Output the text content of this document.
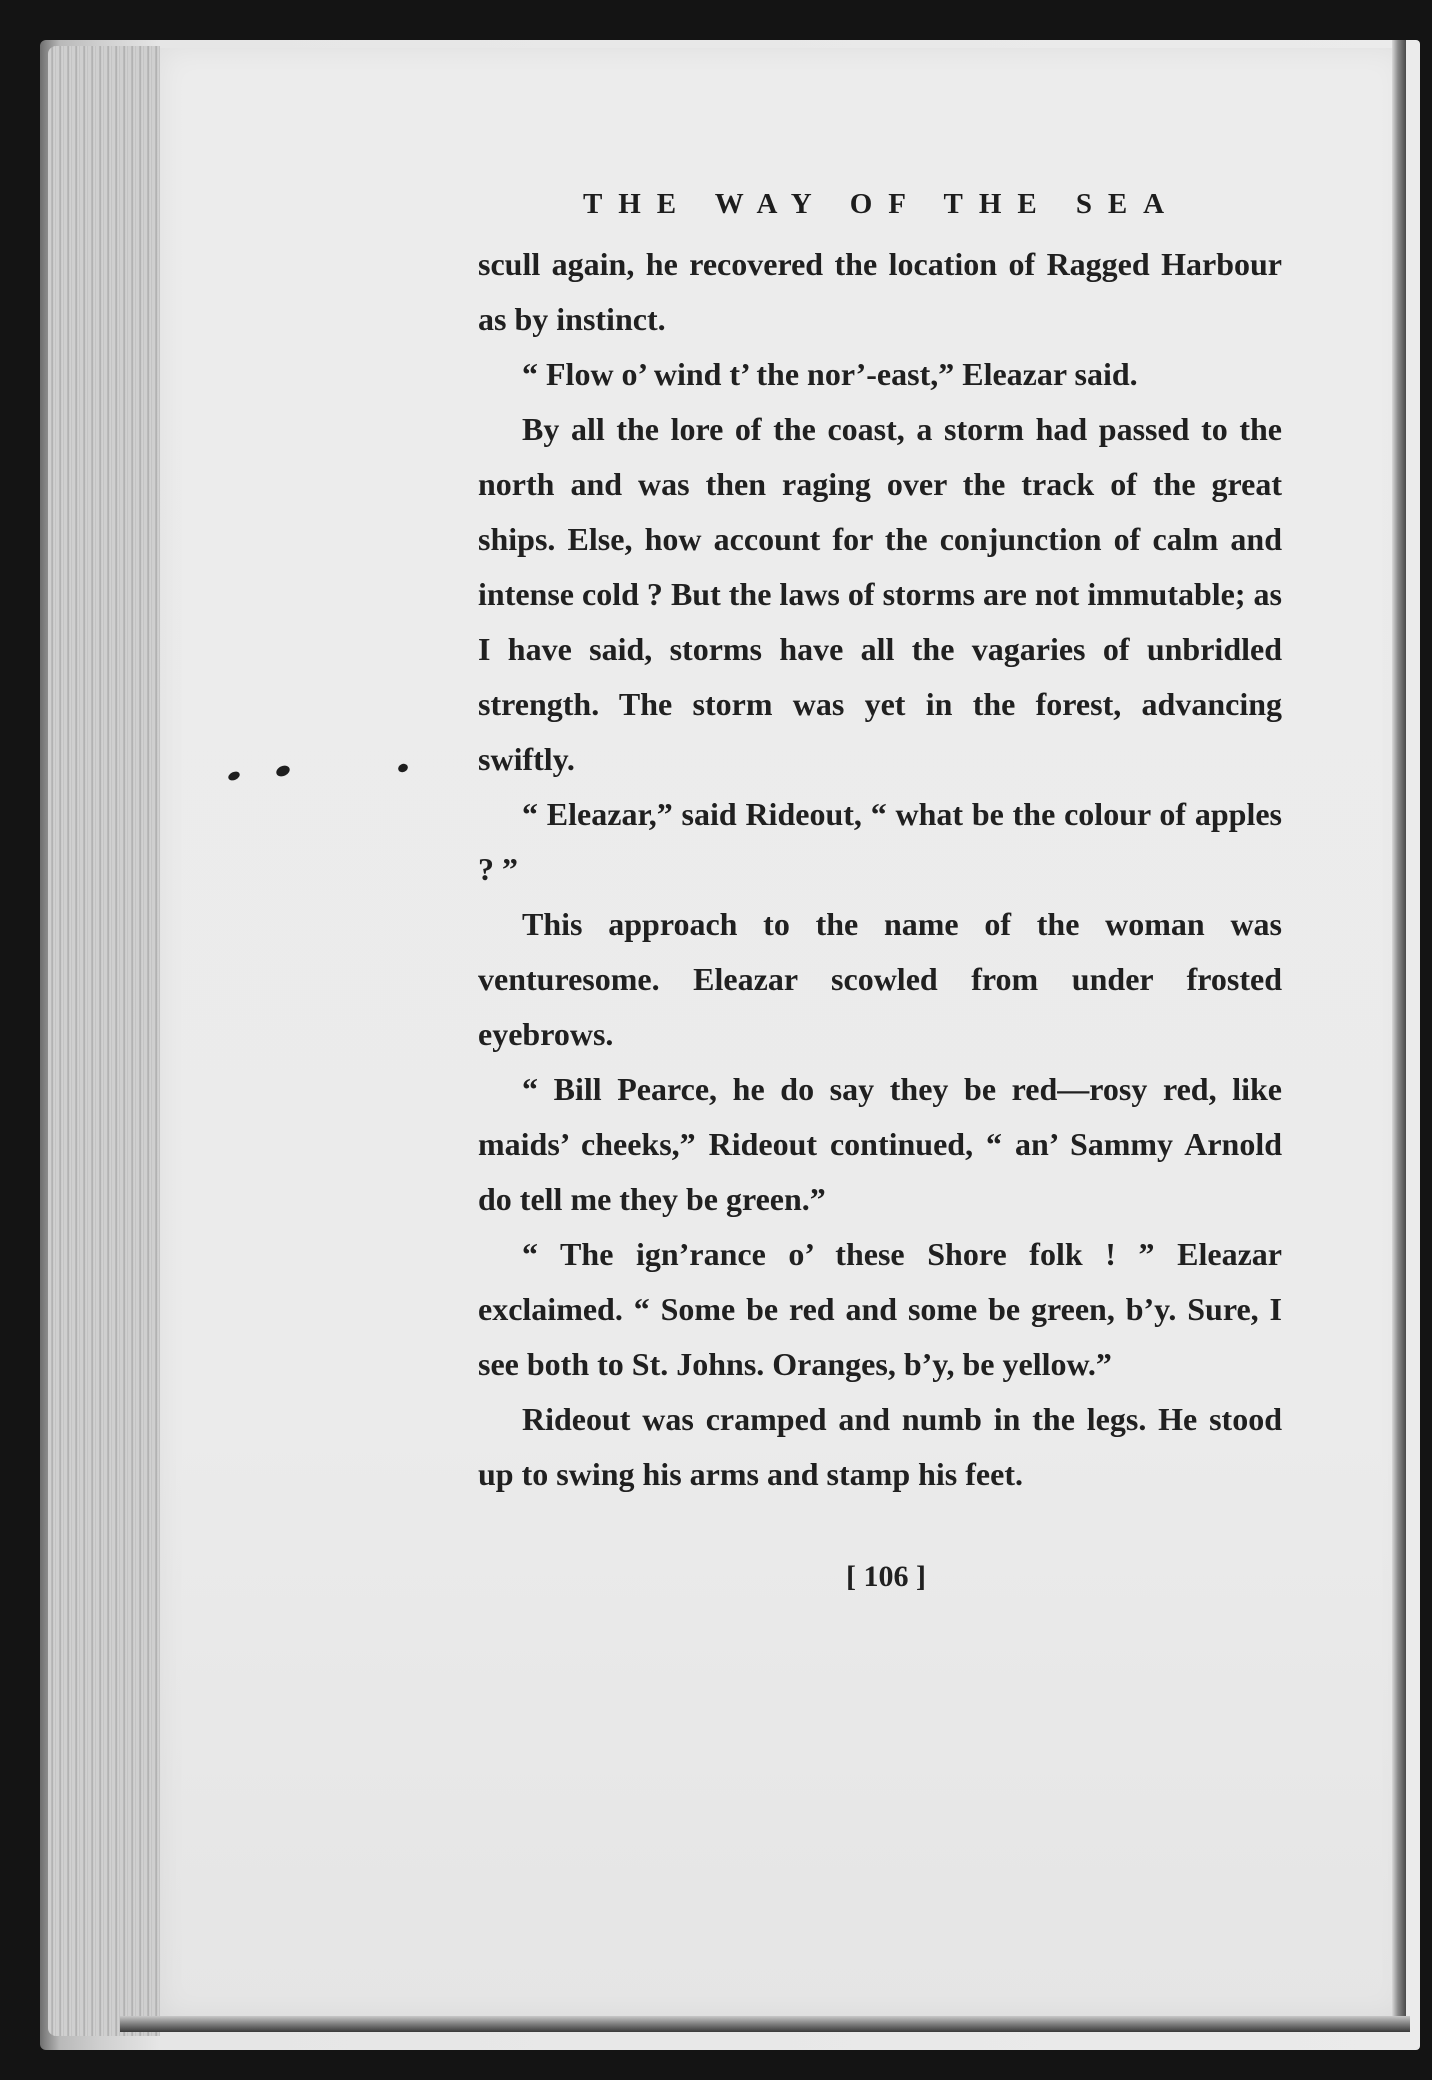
THE WAY OF THE SEA

scull again, he recovered the location of Ragged Harbour as by instinct.

“ Flow o’ wind t’ the nor’-east,” Eleazar said.

By all the lore of the coast, a storm had passed to the north and was then raging over the track of the great ships. Else, how account for the conjunction of calm and intense cold ? But the laws of storms are not immutable; as I have said, storms have all the vagaries of unbridled strength. The storm was yet in the forest, advancing swiftly.

“ Eleazar,” said Rideout, “ what be the colour of apples ? ”

This approach to the name of the woman was venturesome. Eleazar scowled from under frosted eyebrows.

“ Bill Pearce, he do say they be red—rosy red, like maids’ cheeks,” Rideout continued, “ an’ Sammy Arnold do tell me they be green.”

“ The ign’rance o’ these Shore folk ! ” Eleazar exclaimed. “ Some be red and some be green, b’y. Sure, I see both to St. Johns. Oranges, b’y, be yellow.”

Rideout was cramped and numb in the legs. He stood up to swing his arms and stamp his feet.

[ 106 ]
